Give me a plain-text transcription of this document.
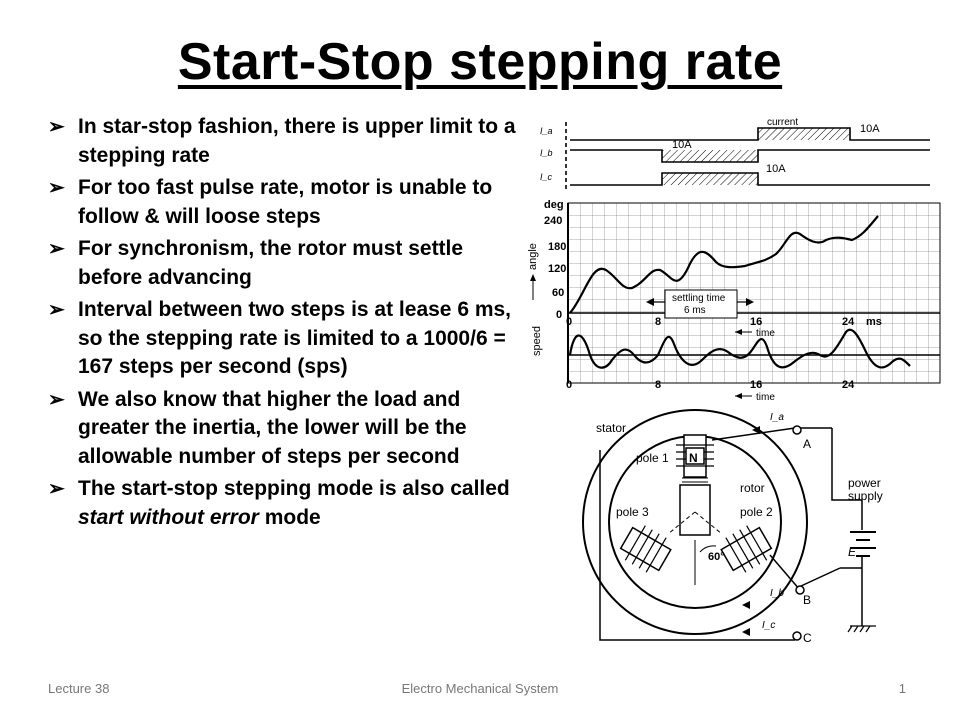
Start-Stop stepping rate
➢ In star-stop fashion, there is upper limit to a stepping rate
➢ For too fast pulse rate, motor is unable to follow & will loose steps
➢ For synchronism, the rotor must settle before advancing
➢ Interval between two steps is at lease 6 ms, so the stepping rate is limited to a 1000/6 = 167 steps per second (sps)
➢ We also know that higher the load and greater the inertia, the lower will be the allowable number of steps per second
➢ The start-stop stepping mode is also called start without error mode
current
10A
10A
10A
I_a
I_b
I_c
settling time
6 ms
deg
240
180
120
60
0
angle
0	8	16	24 ms
time
speed
0	8	16	24
time
stator
pole 1
pole 2
pole 3
rotor
N
60°
A
B
C
power
supply
E
I_a
I_b
I_c
Lecture 38	Electro Mechanical System	1
